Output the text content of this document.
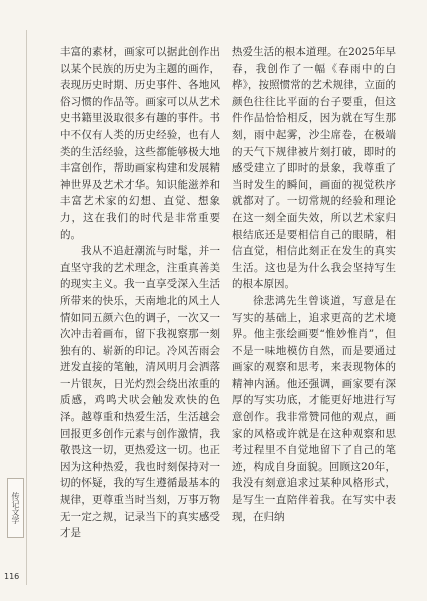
传记文学
116

丰富的素材，画家可以据此创作出以某个民族的历史为主题的画作，表现历史时期、历史事件、各地风俗习惯的作品等。画家可以从艺术史书籍里汲取很多有趣的事件。书中不仅有人类的历史经验，也有人类的生活经验，这些都能够极大地丰富创作，帮助画家构建和发展精神世界及艺术才华。知识能滋养和丰富艺术家的幻想、直觉、想象力，这在我们的时代是非常重要的。

我从不追赶潮流与时髦，并一直坚守我的艺术理念，注重真善美的现实主义。我一直享受深入生活所带来的快乐，天南地北的风土人情如同五颜六色的调子，一次又一次冲击着画布，留下我视察那一刻独有的、崭新的印记。冷风苦雨会迸发直接的笔触，清风明月会洒落一片银灰，日光灼烈会绕出浓重的质感，鸡鸣犬吠会触发欢快的色泽。越尊重和热爱生活，生活越会回报更多创作元素与创作激情，我敬畏这一切，更热爱这一切。也正因为这种热爱，我也时刻保持对一切的怀疑，我的写生遵循最基本的规律，更尊重当时当刻，万事万物无一定之规，记录当下的真实感受才是

热爱生活的根本道理。在2025年早春，我创作了一幅《春雨中的白桦》，按照惯常的艺术规律，立面的颜色往往比平面的台子要重，但这件作品恰恰相反，因为就在写生那刻，雨中起雾，沙尘席卷，在极端的天气下规律被片刻打破，即时的感受建立了即时的景象，我尊重了当时发生的瞬间，画面的视觉秩序就都对了。一切常规的经验和理论在这一刻全面失效，所以艺术家归根结底还是要相信自己的眼睛，相信直觉，相信此刻正在发生的真实生活。这也是为什么我会坚持写生的根本原因。

徐悲鸿先生曾谈道，写意是在写实的基础上，追求更高的艺术境界。他主张绘画要“惟妙惟肖”，但不是一味地模仿自然，而是要通过画家的观察和思考，来表现物体的精神内涵。他还强调，画家要有深厚的写实功底，才能更好地进行写意创作。我非常赞同他的观点，画家的风格或许就是在这种观察和思考过程里不自觉地留下了自己的笔迹，构成自身面貌。回顾这20年，我没有刻意追求过某种风格形式，是写生一直陪伴着我。在写实中表现，在归纳
